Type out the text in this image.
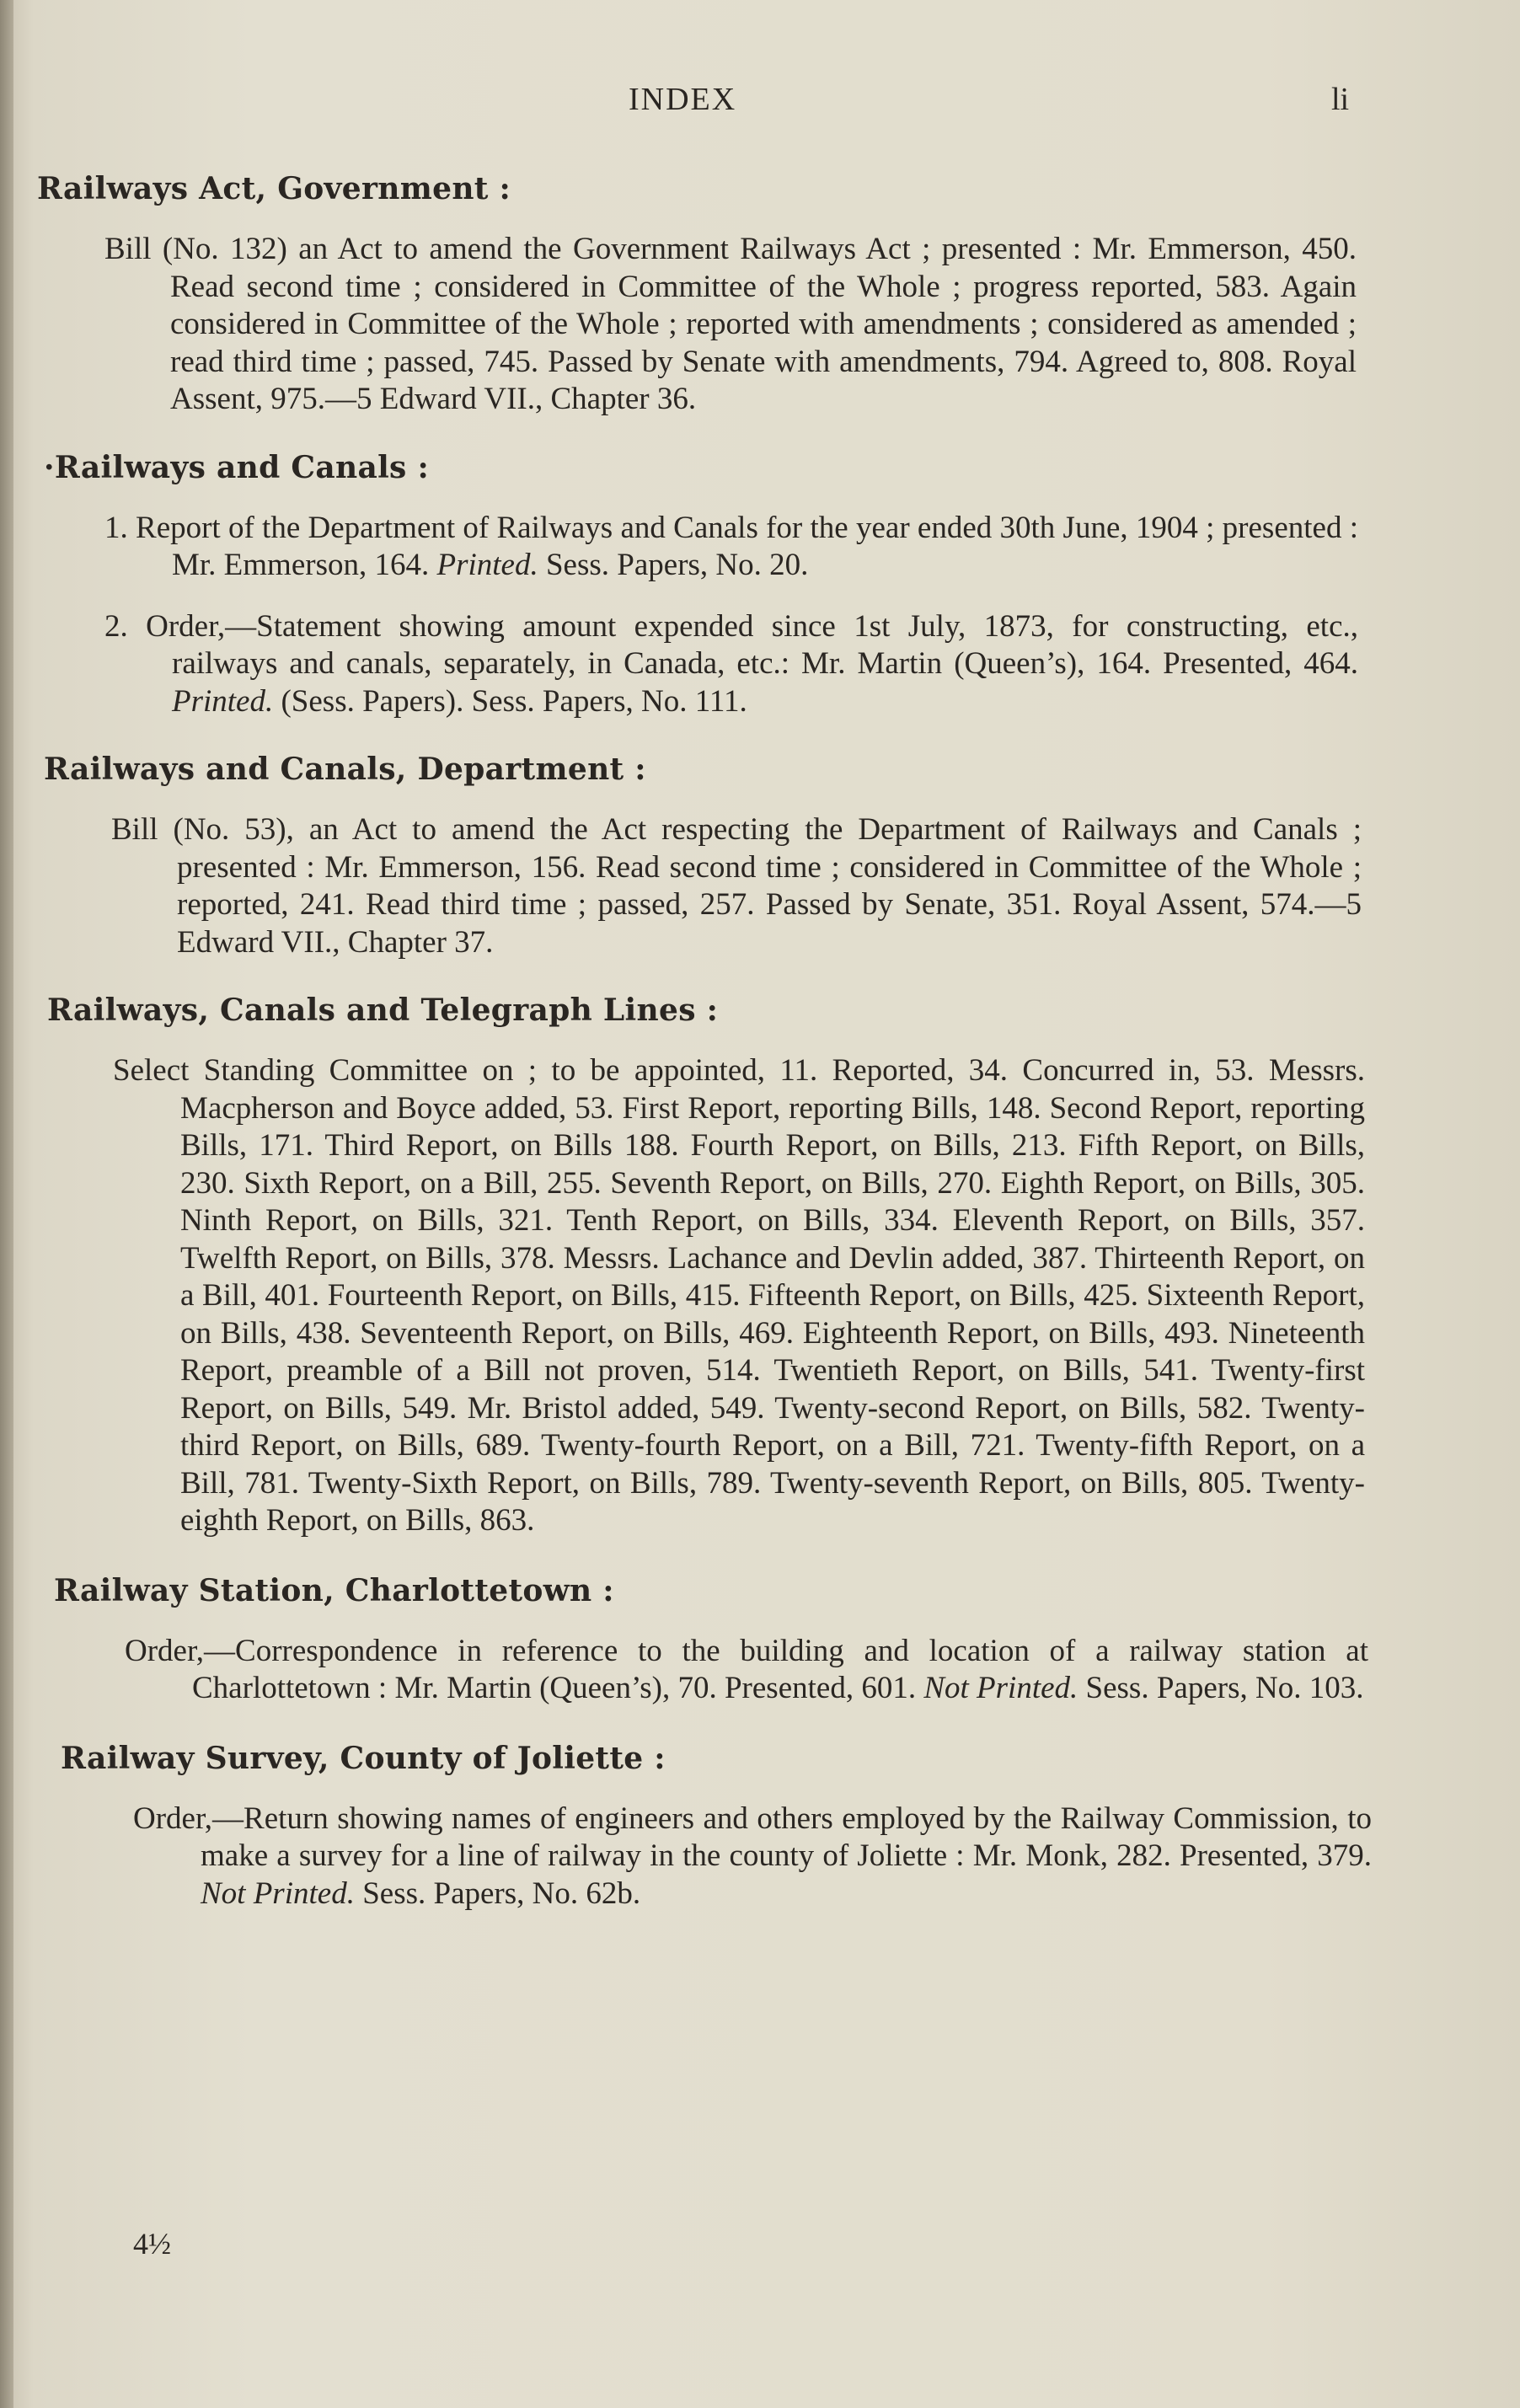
INDEX	li
Railways Act, Government :
Bill (No. 132) an Act to amend the Government Railways Act ; presented : Mr. Emmerson, 450. Read second time ; considered in Committee of the Whole ; progress reported, 583. Again considered in Committee of the Whole ; reported with amendments ; considered as amended ; read third time ; passed, 745. Passed by Senate with amendments, 794. Agreed to, 808. Royal Assent, 975.—5 Edward VII., Chapter 36.
·Railways and Canals :
1. Report of the Department of Railways and Canals for the year ended 30th June, 1904 ; presented : Mr. Emmerson, 164. Printed. Sess. Papers, No. 20.
2. Order,—Statement showing amount expended since 1st July, 1873, for constructing, etc., railways and canals, separately, in Canada, etc.: Mr. Martin (Queen’s), 164. Presented, 464. Printed. (Sess. Papers). Sess. Papers, No. 111.
Railways and Canals, Department :
Bill (No. 53), an Act to amend the Act respecting the Department of Railways and Canals ; presented : Mr. Emmerson, 156. Read second time ; considered in Committee of the Whole ; reported, 241. Read third time ; passed, 257. Passed by Senate, 351. Royal Assent, 574.—5 Edward VII., Chapter 37.
Railways, Canals and Telegraph Lines :
Select Standing Committee on ; to be appointed, 11. Reported, 34. Concurred in, 53. Messrs. Macpherson and Boyce added, 53. First Report, reporting Bills, 148. Second Report, reporting Bills, 171. Third Report, on Bills 188. Fourth Report, on Bills, 213. Fifth Report, on Bills, 230. Sixth Report, on a Bill, 255. Seventh Report, on Bills, 270. Eighth Report, on Bills, 305. Ninth Report, on Bills, 321. Tenth Report, on Bills, 334. Eleventh Report, on Bills, 357. Twelfth Report, on Bills, 378. Messrs. Lachance and Devlin added, 387. Thirteenth Report, on a Bill, 401. Fourteenth Report, on Bills, 415. Fifteenth Report, on Bills, 425. Sixteenth Report, on Bills, 438. Seventeenth Report, on Bills, 469. Eighteenth Report, on Bills, 493. Nineteenth Report, preamble of a Bill not proven, 514. Twentieth Report, on Bills, 541. Twenty-first Report, on Bills, 549. Mr. Bristol added, 549. Twenty-second Report, on Bills, 582. Twenty-third Report, on Bills, 689. Twenty-fourth Report, on a Bill, 721. Twenty-fifth Report, on a Bill, 781. Twenty-Sixth Report, on Bills, 789. Twenty-seventh Report, on Bills, 805. Twenty-eighth Report, on Bills, 863.
Railway Station, Charlottetown :
Order,—Correspondence in reference to the building and location of a railway station at Charlottetown : Mr. Martin (Queen’s), 70. Presented, 601. Not Printed. Sess. Papers, No. 103.
Railway Survey, County of Joliette :
Order,—Return showing names of engineers and others employed by the Railway Commission, to make a survey for a line of railway in the county of Joliette : Mr. Monk, 282. Presented, 379. Not Printed. Sess. Papers, No. 62b.
4½
